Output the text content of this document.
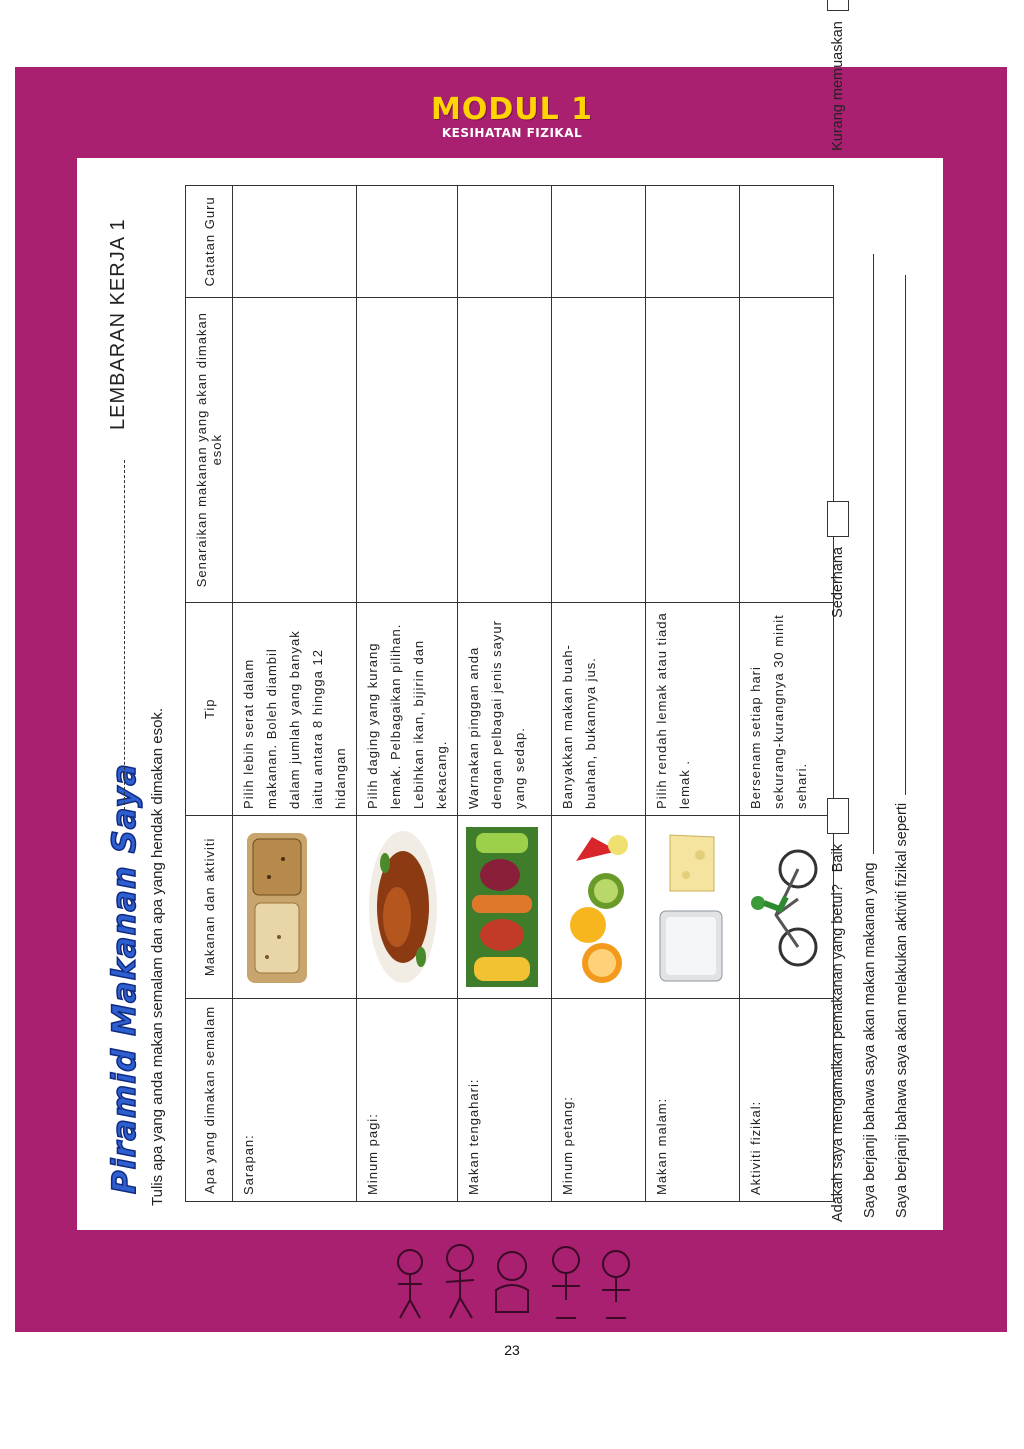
MODUL 1
KESIHATAN FIZIKAL
Piramid Makanan Saya
LEMBARAN KERJA 1
Tulis apa yang anda makan semalam dan apa yang hendak dimakan esok.	Apa yang dimakan semalam	Makanan dan aktiviti	Tip	Senaraikan makanan yang akan dimakan esok	Catatan Guru
Sarapan:		Pilih lebih serat dalam makanan. Boleh diambil dalam jumlah yang banyak iaitu antara 8 hingga 12 hidangan		
Minum pagi:		Pilih daging yang kurang lemak. Pelbagaikan pilihan. Lebihkan ikan, bijirin dan kekacang.		
Makan tengahari:		Warnakan pinggan anda dengan pelbagai jenis sayur yang sedap.		
Minum petang:		Banyakkan makan buah-buahan, bukannya jus.		
Makan malam:		Pilih rendah lemak atau tiada lemak .		
Aktiviti fizikal:		Bersenam setiap hari sekurang-kurangnya 30 minit sehari.		
Adakah saya mengamalkan pemakanan yang betul? Baik  Sederhana  Kurang memuaskan
Saya berjanji bahawa saya akan makan makanan yang Saya berjanji bahawa saya akan melakukan aktiviti fizikal seperti
23
